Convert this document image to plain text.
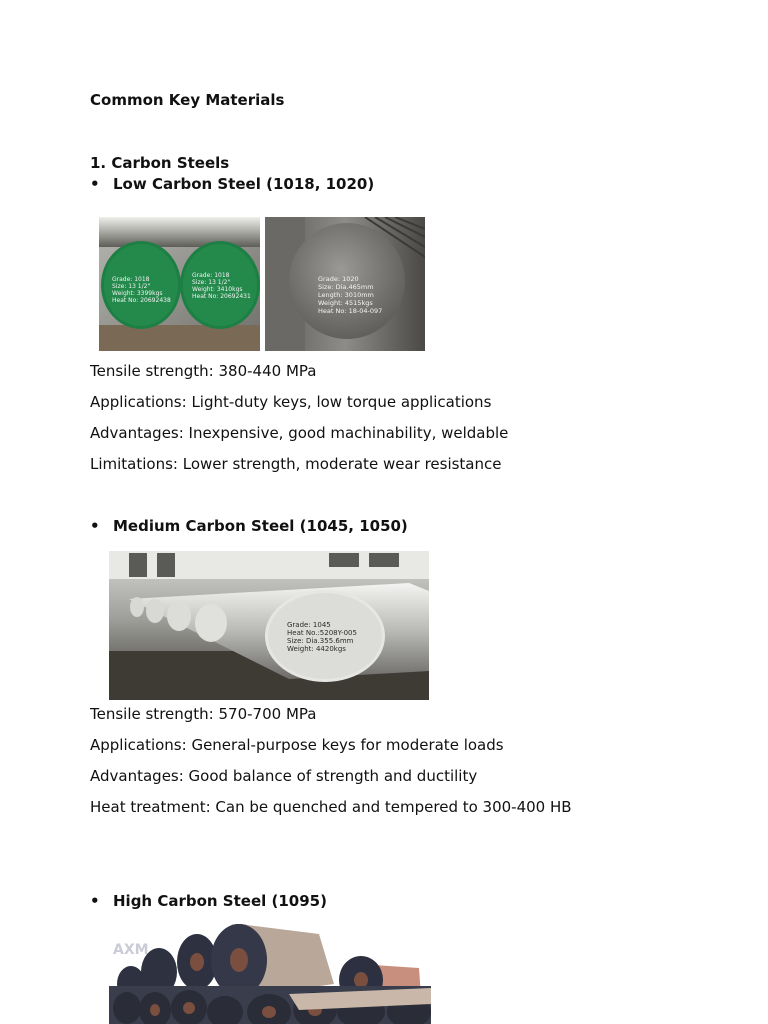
Common Key Materials
1. Carbon Steels
• Low Carbon Steel (1018, 1020)
Grade: 1018
Size: 13 1/2"
Weight: 3399kgs
Heat No: 20692438
Grade: 1018
Size: 13 1/2"
Weight: 3410kgs
Heat No: 20692431
Grade: 1020
Size: Dia.465mm
Length: 3010mm
Weight: 4515kgs
Heat No: 18-04-097
Tensile strength: 380-440 MPa
Applications: Light-duty keys, low torque applications
Advantages: Inexpensive, good machinability, weldable
Limitations: Lower strength, moderate wear resistance
• Medium Carbon Steel (1045, 1050)
Grade: 1045
Heat No.:5208Y-005
Size: Dia.355.6mm
Weight: 4420kgs
Tensile strength: 570-700 MPa
Applications: General-purpose keys for moderate loads
Advantages: Good balance of strength and ductility
Heat treatment: Can be quenched and tempered to 300-400 HB
• High Carbon Steel (1095)
AXM
